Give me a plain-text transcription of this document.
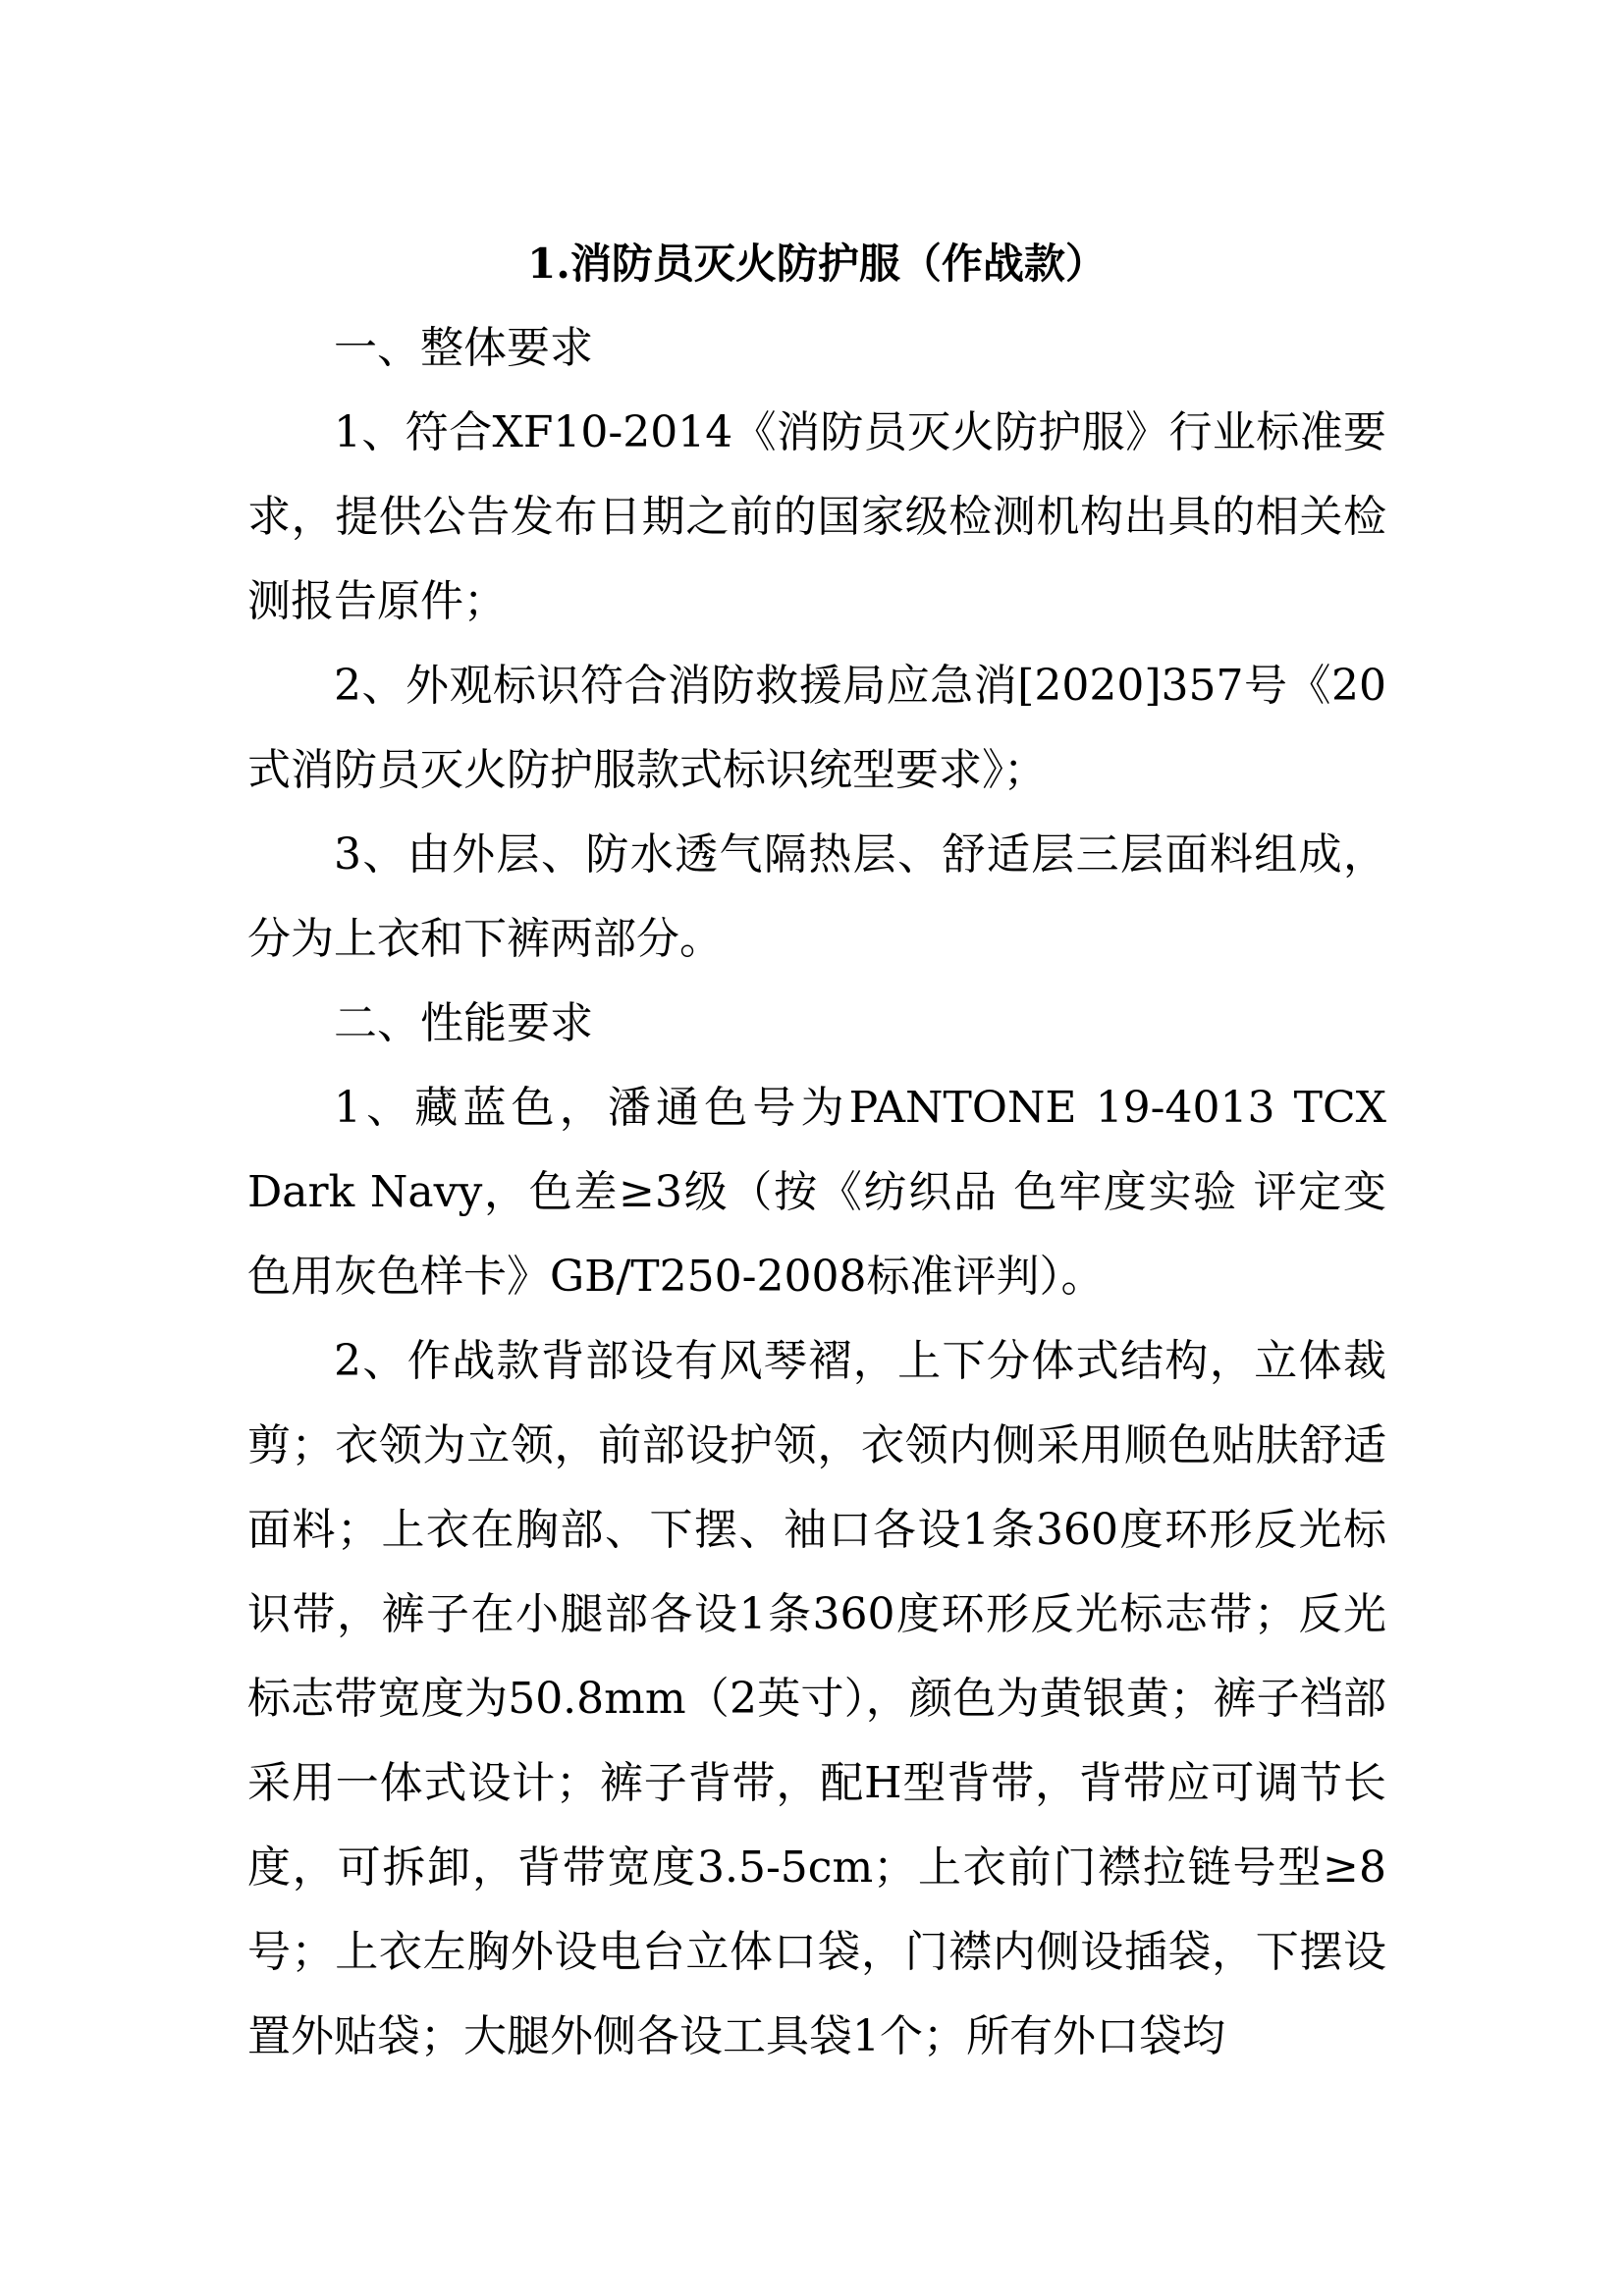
1.消防员灭火防护服（作战款）

一、整体要求

1、符合XF10-2014《消防员灭火防护服》行业标准要求，提供公告发布日期之前的国家级检测机构出具的相关检测报告原件；

2、外观标识符合消防救援局应急消[2020]357号《20式消防员灭火防护服款式标识统型要求》；

3、由外层、防水透气隔热层、舒适层三层面料组成，分为上衣和下裤两部分。

二、性能要求

1、藏蓝色，潘通色号为PANTONE 19-4013 TCX Dark Navy，色差≥3级（按《纺织品 色牢度实验 评定变色用灰色样卡》GB/T250-2008标准评判）。

2、作战款背部设有风琴褶，上下分体式结构，立体裁剪；衣领为立领，前部设护领，衣领内侧采用顺色贴肤舒适面料；上衣在胸部、下摆、袖口各设1条360度环形反光标识带，裤子在小腿部各设1条360度环形反光标志带；反光标志带宽度为50.8mm（2英寸），颜色为黄银黄；裤子裆部采用一体式设计；裤子背带，配H型背带，背带应可调节长度，可拆卸，背带宽度3.5-5cm；上衣前门襟拉链号型≥8号；上衣左胸外设电台立体口袋，门襟内侧设插袋，下摆设置外贴袋；大腿外侧各设工具袋1个；所有外口袋均
